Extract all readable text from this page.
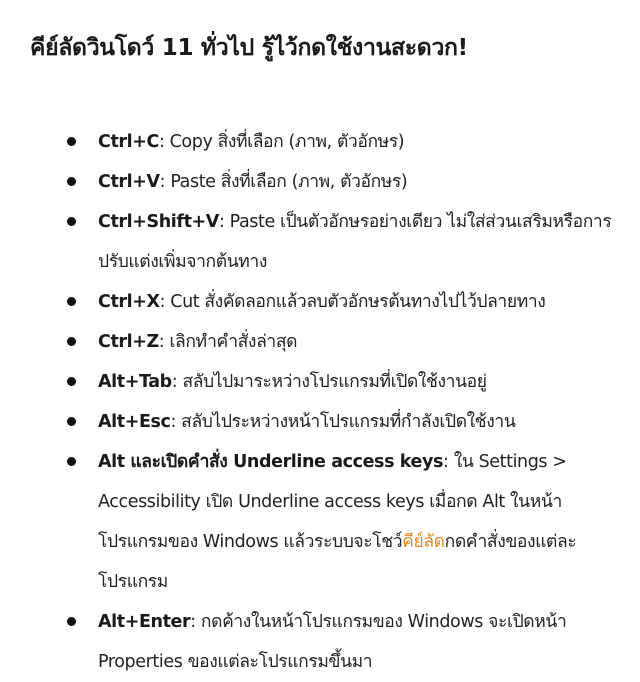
คีย์ลัดวินโดว์ 11 ทั่วไป รู้ไว้กดใช้งานสะดวก!
Ctrl+C: Copy สิ่งที่เลือก (ภาพ, ตัวอักษร)
Ctrl+V: Paste สิ่งที่เลือก (ภาพ, ตัวอักษร)
Ctrl+Shift+V: Paste เป็นตัวอักษรอย่างเดียว ไม่ใส่ส่วนเสริมหรือการปรับแต่งเพิ่มจากต้นทาง
Ctrl+X: Cut สั่งคัดลอกแล้วลบตัวอักษรต้นทางไปไว้ปลายทาง
Ctrl+Z: เลิกทำคำสั่งล่าสุด
Alt+Tab: สลับไปมาระหว่างโปรแกรมที่เปิดใช้งานอยู่
Alt+Esc: สลับไประหว่างหน้าโปรแกรมที่กำลังเปิดใช้งาน
Alt และเปิดคำสั่ง Underline access keys: ใน Settings > Accessibility เปิด Underline access keys เมื่อกด Alt ในหน้าโปรแกรมของ Windows แล้วระบบจะโชว์คีย์ลัดกดคำสั่งของแต่ละโปรแกรม
Alt+Enter: กดค้างในหน้าโปรแกรมของ Windows จะเปิดหน้า Properties ของแต่ละโปรแกรมขึ้นมา
